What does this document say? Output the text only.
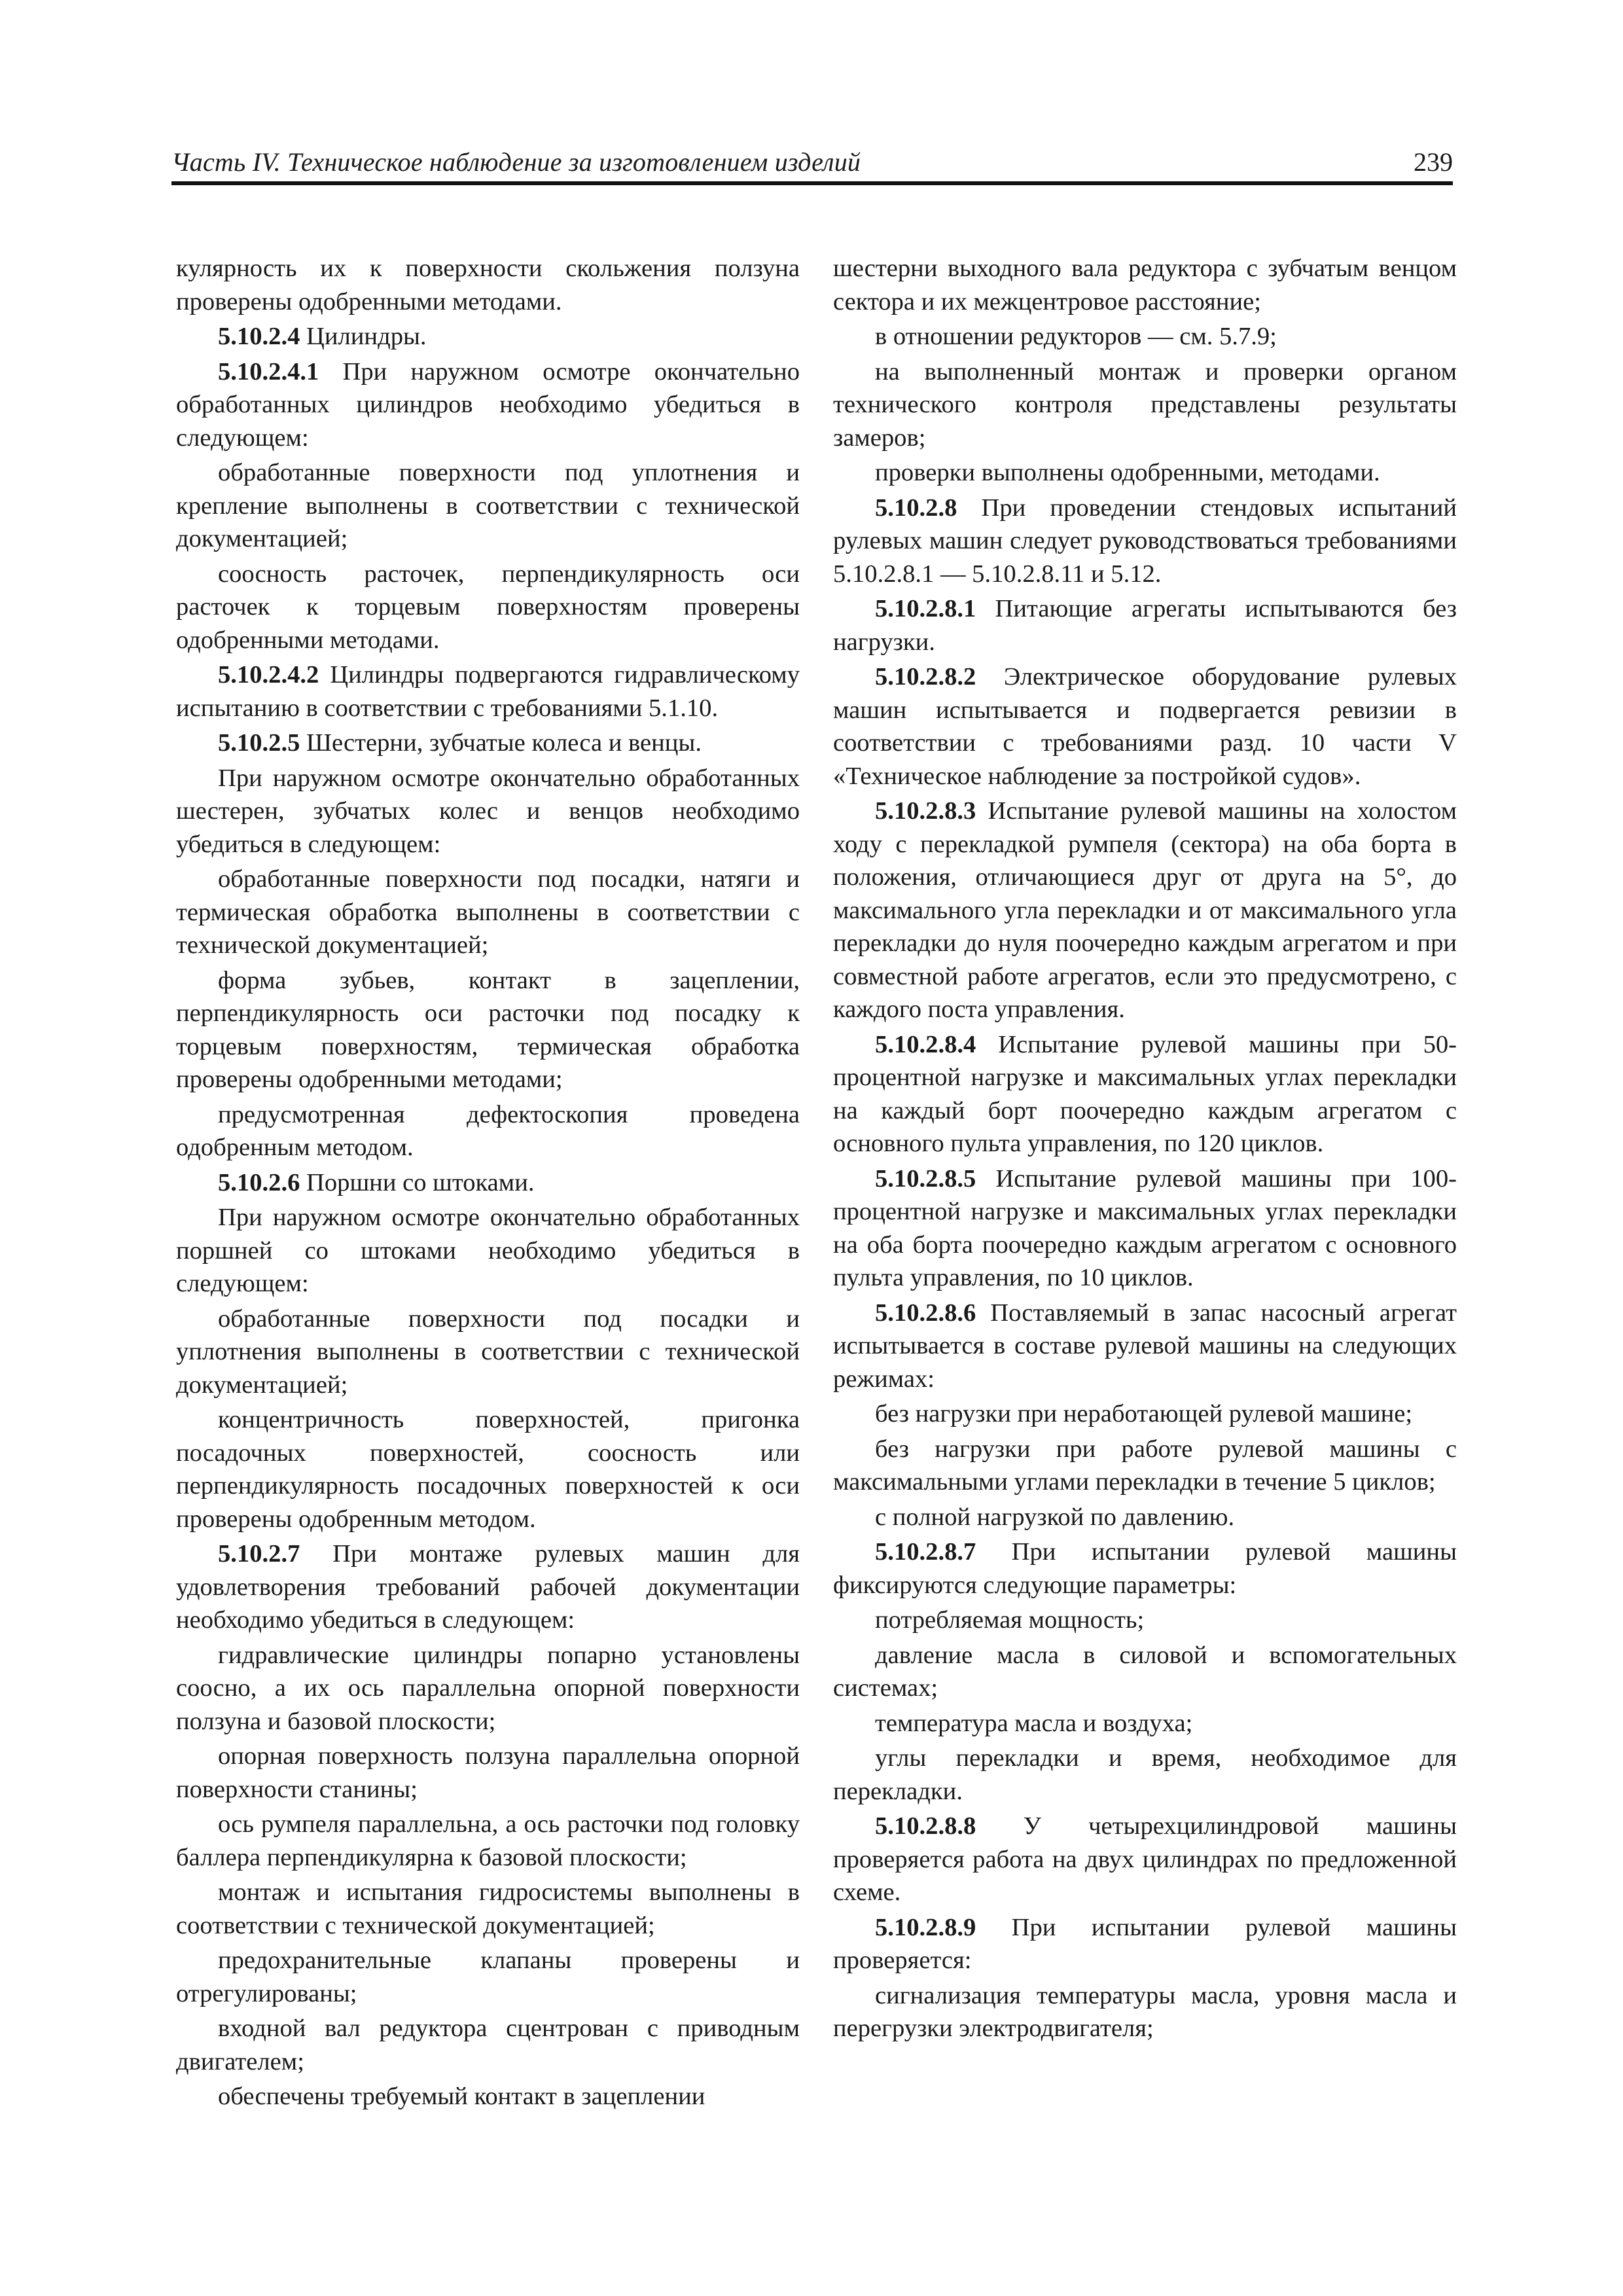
Часть IV. Техническое наблюдение за изготовлением изделий	239

кулярность их к поверхности скольжения ползуна проверены одобренными методами.

5.10.2.4 Цилиндры.

5.10.2.4.1 При наружном осмотре окончательно обработанных цилиндров необходимо убедиться в следующем:

обработанные поверхности под уплотнения и крепление выполнены в соответствии с технической документацией;

соосность расточек, перпендикулярность оси расточек к торцевым поверхностям проверены одобренными методами.

5.10.2.4.2 Цилиндры подвергаются гидравлическому испытанию в соответствии с требованиями 5.1.10.

5.10.2.5 Шестерни, зубчатые колеса и венцы.

При наружном осмотре окончательно обработанных шестерен, зубчатых колес и венцов необходимо убедиться в следующем:

обработанные поверхности под посадки, натяги и термическая обработка выполнены в соответствии с технической документацией;

форма зубьев, контакт в зацеплении, перпендикулярность оси расточки под посадку к торцевым поверхностям, термическая обработка проверены одобренными методами;

предусмотренная дефектоскопия проведена одобренным методом.

5.10.2.6 Поршни со штоками.

При наружном осмотре окончательно обработанных поршней со штоками необходимо убедиться в следующем:

обработанные поверхности под посадки и уплотнения выполнены в соответствии с технической документацией;

концентричность поверхностей, пригонка посадочных поверхностей, соосность или перпендикулярность посадочных поверхностей к оси проверены одобренным методом.

5.10.2.7 При монтаже рулевых машин для удовлетворения требований рабочей документации необходимо убедиться в следующем:

гидравлические цилиндры попарно установлены соосно, а их ось параллельна опорной поверхности ползуна и базовой плоскости;

опорная поверхность ползуна параллельна опорной поверхности станины;

ось румпеля параллельна, а ось расточки под головку баллера перпендикулярна к базовой плоскости;

монтаж и испытания гидросистемы выполнены в соответствии с технической документацией;

предохранительные клапаны проверены и отрегулированы;

входной вал редуктора сцентрован с приводным двигателем;

обеспечены требуемый контакт в зацеплении

шестерни выходного вала редуктора с зубчатым венцом сектора и их межцентровое расстояние;

в отношении редукторов — см. 5.7.9;

на выполненный монтаж и проверки органом технического контроля представлены результаты замеров;

проверки выполнены одобренными, методами.

5.10.2.8 При проведении стендовых испытаний рулевых машин следует руководствоваться требованиями 5.10.2.8.1 — 5.10.2.8.11 и 5.12.

5.10.2.8.1 Питающие агрегаты испытываются без нагрузки.

5.10.2.8.2 Электрическое оборудование рулевых машин испытывается и подвергается ревизии в соответствии с требованиями разд. 10 части V «Техническое наблюдение за постройкой судов».

5.10.2.8.3 Испытание рулевой машины на холостом ходу с перекладкой румпеля (сектора) на оба борта в положения, отличающиеся друг от друга на 5°, до максимального угла перекладки и от максимального угла перекладки до нуля поочередно каждым агрегатом и при совместной работе агрегатов, если это предусмотрено, с каждого поста управления.

5.10.2.8.4 Испытание рулевой машины при 50-процентной нагрузке и максимальных углах перекладки на каждый борт поочередно каждым агрегатом с основного пульта управления, по 120 циклов.

5.10.2.8.5 Испытание рулевой машины при 100-процентной нагрузке и максимальных углах перекладки на оба борта поочередно каждым агрегатом с основного пульта управления, по 10 циклов.

5.10.2.8.6 Поставляемый в запас насосный агрегат испытывается в составе рулевой машины на следующих режимах:

без нагрузки при неработающей рулевой машине;

без нагрузки при работе рулевой машины с максимальными углами перекладки в течение 5 циклов;

с полной нагрузкой по давлению.

5.10.2.8.7 При испытании рулевой машины фиксируются следующие параметры:

потребляемая мощность;

давление масла в силовой и вспомогательных системах;

температура масла и воздуха;

углы перекладки и время, необходимое для перекладки.

5.10.2.8.8 У четырехцилиндровой машины проверяется работа на двух цилиндрах по предложенной схеме.

5.10.2.8.9 При испытании рулевой машины проверяется:

сигнализация температуры масла, уровня масла и перегрузки электродвигателя;
